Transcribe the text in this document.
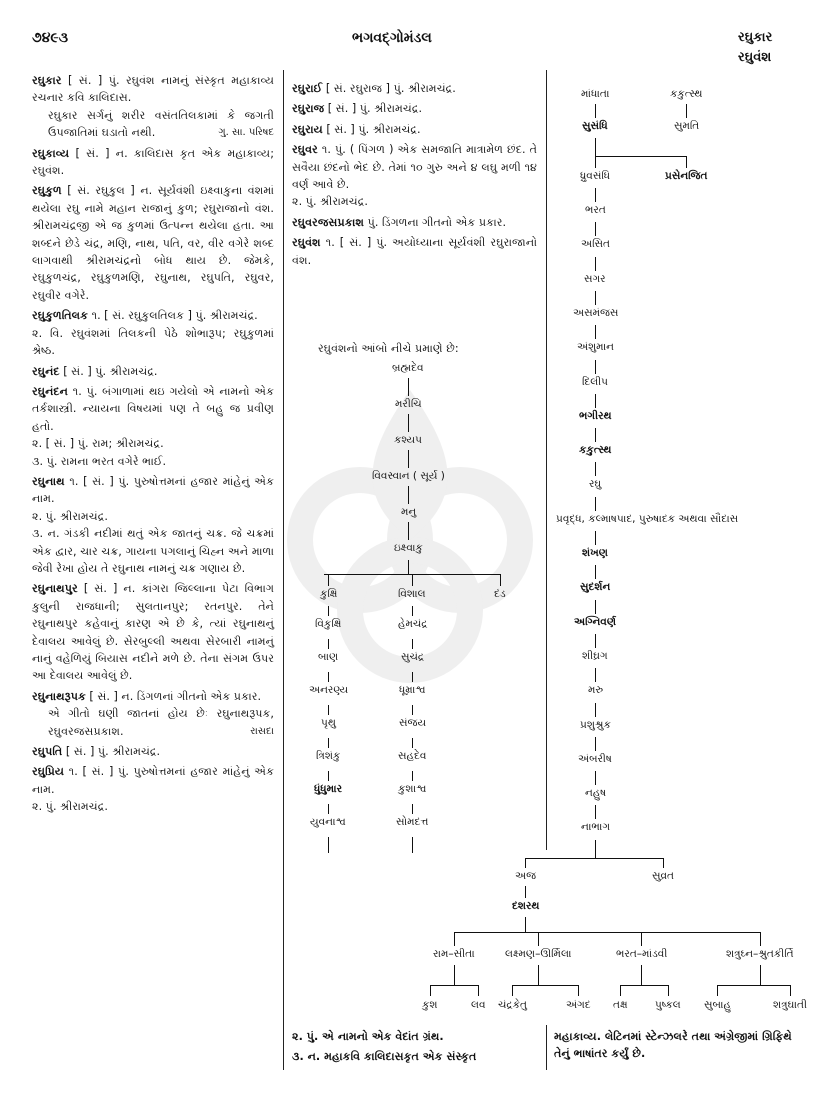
૭૪૯૩	ભગવદ્ગોમંડલ	રઘુકાર
રઘુવંશ
રઘુકાર [ સં. ] પું. રઘુવંશ નામનું સંસ્કૃત મહાકાવ્ય રચનાર કવિ કાલિદાસ.
રઘુકાર સર્ગનું શરીર વસંતતિલકામાં કે જગતી ઉપજાતિમાં ઘડાતો નથી.	ગુ. સા. પરિષદ
રઘુકાવ્ય [ સં. ] ન. કાલિદાસ કૃત એક મહાકાવ્ય; રઘુવંશ.
રઘુકુળ [ સં. રઘુકુલ ] ન. સૂર્યવંશી ઇક્ષ્વાકુના વંશમાં થયેલા રઘુ નામે મહાન રાજાનું કુળ; રઘુરાજાનો વંશ. શ્રીરામચંદ્રજી એ જ કુળમાં ઉત્પન્ન થયેલા હતા. આ શબ્દને છેડે ચંદ્ર, મણિ, નાથ, પતિ, વર, વીર વગેરે શબ્દ લાગવાથી શ્રીરામચંદ્રનો બોધ થાય છે. જેમકે, રઘુકુળચંદ્ર, રઘુકુળમણિ, રઘુનાથ, રઘુપતિ, રઘુવર, રઘુવીર વગેરે.
રઘુકુળતિલક ૧. [ સં. રઘુકુલતિલક ] પું. શ્રીરામચંદ્ર.
૨. વિ. રઘુવંશમાં તિલકની પેઠે શોભારૂપ; રઘુકુળમાં શ્રેષ્ઠ.
રઘુનંદ [ સં. ] પું. શ્રીરામચંદ્ર.
રઘુનંદન ૧. પું. બંગાળામાં થઇ ગયેલો એ નામનો એક તર્કશાસ્ત્રી. ન્યાયના વિષયમાં પણ તે બહુ જ પ્રવીણ હતો.
૨. [ સં. ] પું. રામ; શ્રીરામચંદ્ર.
૩. પું. રામના ભરત વગેરે ભાઈ.
રઘુનાથ ૧. [ સં. ] પું. પુરુષોત્તમનાં હજાર માંહેનું એક નામ.
૨. પું. શ્રીરામચંદ્ર.
૩. ન. ગંડકી નદીમાં થતું એક જાતનું ચક્ર. જે ચક્રમાં એક દ્વાર, ચાર ચક્ર, ગાયના પગલાનું ચિહ્ન અને માળા જેવી રેખા હોય તે રઘુનાથ નામનું ચક્ર ગણાય છે.
રઘુનાથપુર [ સં. ] ન. કાંગરા જિલ્લાના પેટા વિભાગ કુલુની રાજધાની; સુલતાનપુર; રતનપુર. તેને રઘુનાથપુર કહેવાનું કારણ એ છે કે, ત્યાં રઘુનાથનું દેવાલય આવેલું છે. સેરબુલ્લી અથવા સેરબારી નામનું નાનું વહેળિયું બિયાસ નદીને મળે છે. તેના સંગમ ઉપર આ દેવાલય આવેલું છે.
રઘુનાથરૂપક [ સં. ] ન. ડિંગળનાં ગીતનો એક પ્રકાર.
એ ગીતો ઘણી જાતનાં હોય છેઃ રઘુનાથરૂપક, રઘુવરજસપ્રકાશ.	રાસદા
રઘુપતિ [ સં. ] પું. શ્રીરામચંદ્ર.
રઘુપ્રિય ૧. [ સં. ] પું. પુરુષોત્તમનાં હજાર માંહેનું એક નામ.
૨. પું. શ્રીરામચંદ્ર.
રઘુરાઈ [ સં. રઘુરાજ ] પું. શ્રીરામચંદ્ર.
રઘુરાજ [ સં. ] પું. શ્રીરામચંદ્ર.
રઘુરાય [ સં. ] પું. શ્રીરામચંદ્ર.
રઘુવર ૧. પું. ( પિંગળ ) એક સમજાતિ માત્રામેળ છંદ. તે સવૈયા છંદનો ભેદ છે. તેમાં ૧૦ ગુરુ અને ૪ લઘુ મળી ૧૪ વર્ણ આવે છે.
૨. પું. શ્રીરામચંદ્ર.
રઘુવરજસપ્રકાશ પું. ડિંગળના ગીતનો એક પ્રકાર.
રઘુવંશ ૧. [ સં. ] પું. અયોધ્યાના સૂર્યવંશી રઘુરાજાનો વંશ.
રઘુવંશનો આંબો નીચે પ્રમાણે છે:
૨. પું. એ નામનો એક વેદાંત ગ્રંથ.
૩. ન. મહાકવિ કાલિદાસકૃત એક સંસ્કૃત
મહાકાવ્ય. લેટિનમાં સ્ટેન્ઝલરે તથા અંગ્રેજીમાં ગ્રિફિથે તેનું ભાષાંતર કર્યું છે.
બ્રહ્મદેવ
મરીચિ
કશ્યપ
વિવસ્વાન ( સૂર્ય )
મનુ
ઇક્ષ્વાકુ
કુક્ષિ	વિશાલ	દંડ
વિકુક્ષિ
બાણ
અનરણ્ય
પૃથુ
ત્રિશંકુ
ધુંધુમાર
યુવનાશ્વ
હેમચંદ્ર
સુચંદ્ર
ધૂમ્રાશ્વ
સંજય
સહદેવ
કુશાશ્વ
સોમદત્ત
માંધાતા	કકુત્સ્થ
સુસંધિ	સુમતિ
ધ્રુવસંધિ	પ્રસેનજિત
ભરત
અસિત
સગર
અસમંજસ
અંશુમાન
દિલીપ
ભગીરથ
કકુત્સ્થ
રઘુ
પ્રવૃદ્ધ, કલ્માષપાદ, પુરુષાદક અથવા સૌદાસ
શંખણ
સુદર્શન
અગ્નિવર્ણ
શીઘ્રગ
મરુ
પ્રશુશ્રુક
અંબરીષ
નહુષ
નાભાગ
અજ	સુવ્રત
દશરથ
રામ–સીતા	લક્ષ્મણ–ઊર્મિલા	ભરત–માંડવી	શત્રુઘ્ન–શ્રુતકીર્તિ
કુશ	લવ ચંદ્રકેતુ	અંગદ તક્ષ	પુષ્કલ સુબાહુ	શત્રુઘાતી
